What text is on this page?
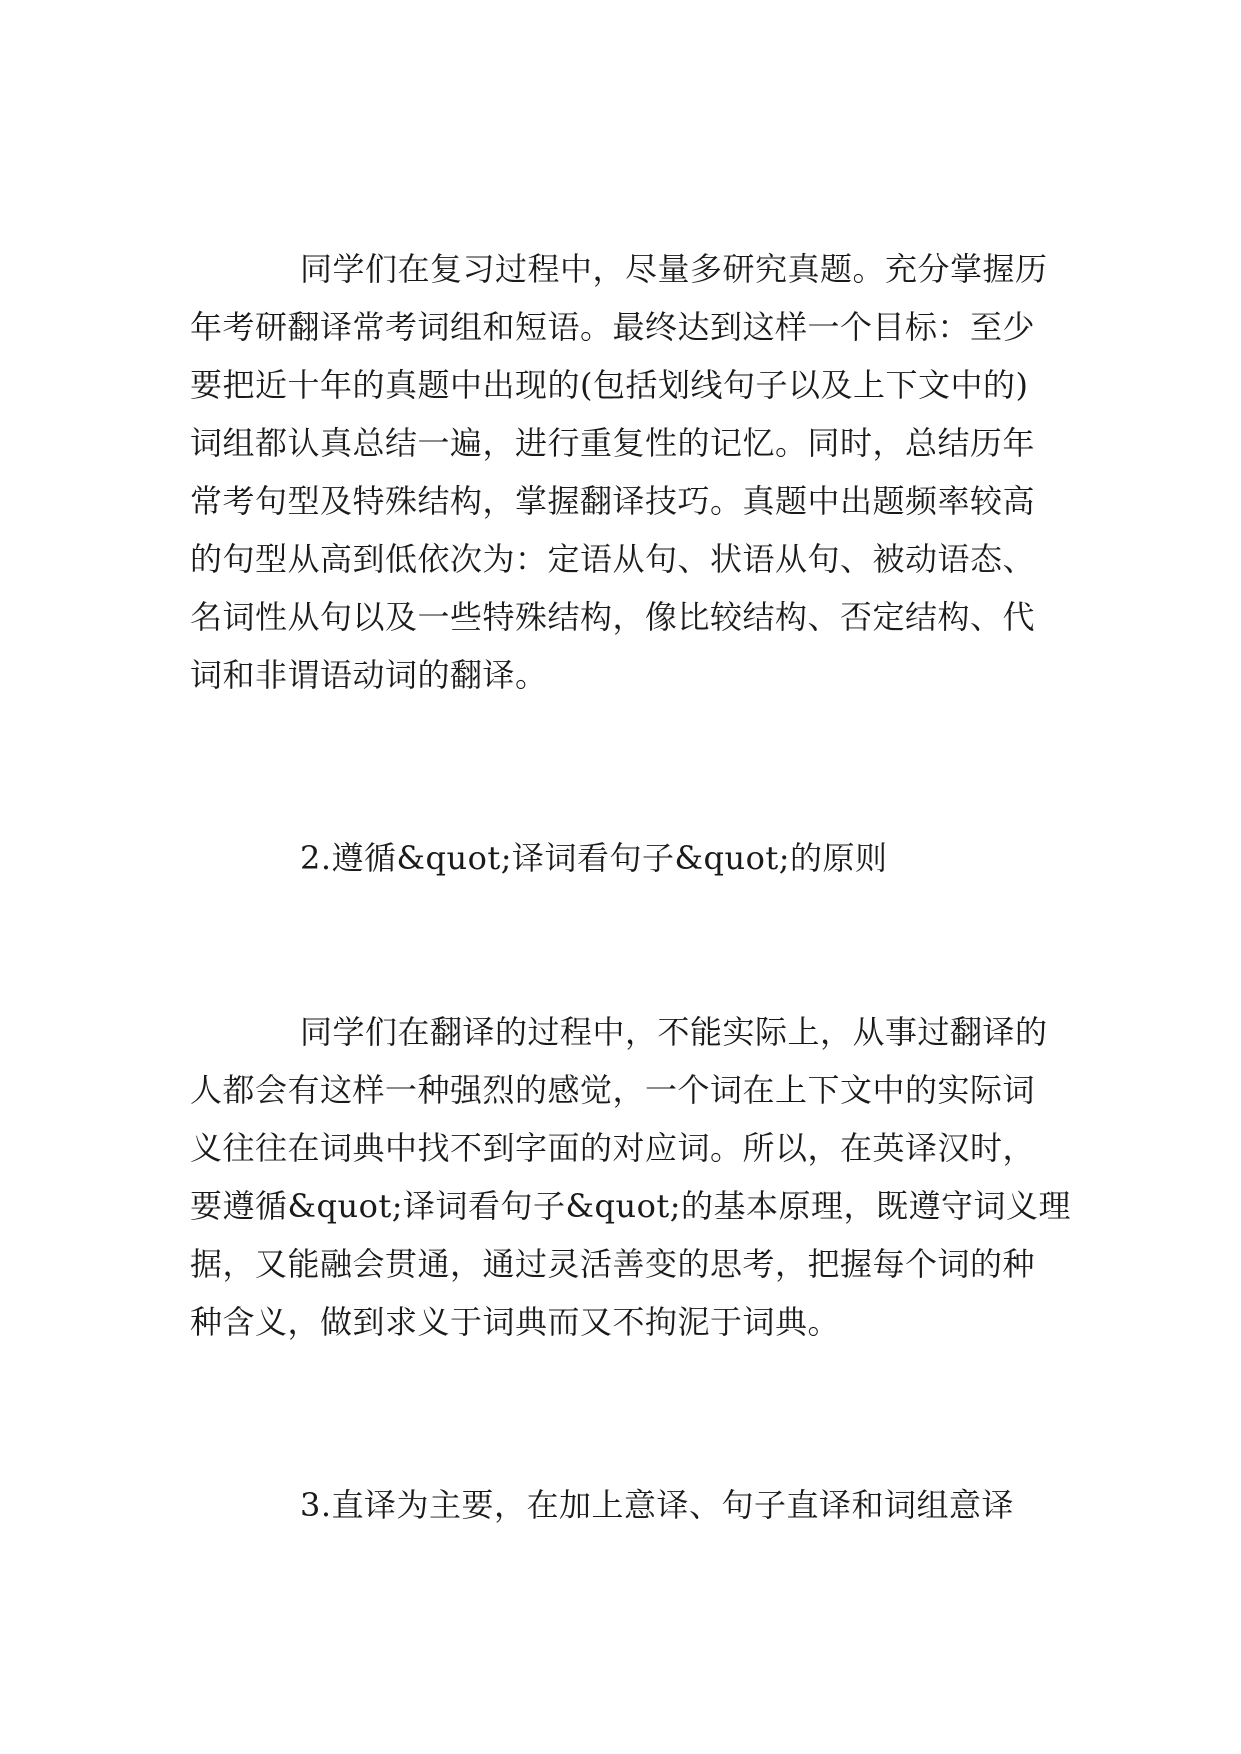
同学们在复习过程中，尽量多研究真题。充分掌握历
年考研翻译常考词组和短语。最终达到这样一个目标：至少
要把近十年的真题中出现的(包括划线句子以及上下文中的)
词组都认真总结一遍，进行重复性的记忆。同时，总结历年
常考句型及特殊结构，掌握翻译技巧。真题中出题频率较高
的句型从高到低依次为：定语从句、状语从句、被动语态、
名词性从句以及一些特殊结构，像比较结构、否定结构、代
词和非谓语动词的翻译。
2.遵循&quot;译词看句子&quot;的原则
同学们在翻译的过程中，不能实际上，从事过翻译的
人都会有这样一种强烈的感觉，一个词在上下文中的实际词
义往往在词典中找不到字面的对应词。所以，在英译汉时，
要遵循&quot;译词看句子&quot;的基本原理，既遵守词义理
据，又能融会贯通，通过灵活善变的思考，把握每个词的种
种含义，做到求义于词典而又不拘泥于词典。
3.直译为主要，在加上意译、句子直译和词组意译
